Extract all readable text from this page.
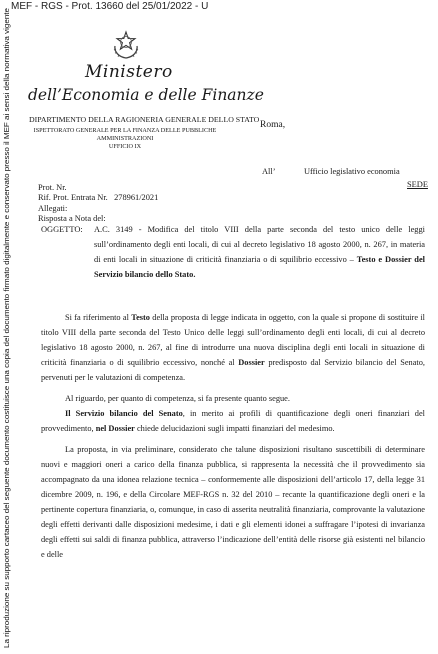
MEF - RGS - Prot. 13660 del 25/01/2022 - U
La riproduzione su supporto cartaceo del seguente documento costituisce una copia del documento firmato digitalmente e conservato presso il MEF ai sensi della normativa vigente
Ministero
dell’Economia e delle Finanze
DIPARTIMENTO DELLA RAGIONERIA GENERALE DELLO STATO
ISPETTORATO GENERALE PER LA FINANZA DELLE PUBBLICHE
AMMINISTRAZIONI
UFFICIO IX
Roma,
All’	Ufficio legislativo economia
SEDE
Prot. Nr.
Rif. Prot. Entrata Nr. 278961/2021
Allegati:
Risposta a Nota del:
OGGETTO:	A.C. 3149 - Modifica del titolo VIII della parte seconda del testo unico delle leggi sull’ordinamento degli enti locali, di cui al decreto legislativo 18 agosto 2000, n. 267, in materia di enti locali in situazione di criticità finanziaria o di squilibrio eccessivo – Testo e Dossier del Servizio bilancio dello Stato.

Si fa riferimento al Testo della proposta di legge indicata in oggetto, con la quale si propone di sostituire il titolo VIII della parte seconda del Testo Unico delle leggi sull’ordinamento degli enti locali, di cui al decreto legislativo 18 agosto 2000, n. 267, al fine di introdurre una nuova disciplina degli enti locali in situazione di criticità finanziaria o di squilibrio eccessivo, nonché al Dossier predisposto dal Servizio bilancio del Senato, pervenuti per le valutazioni di competenza.

Al riguardo, per quanto di competenza, si fa presente quanto segue.

Il Servizio bilancio del Senato, in merito ai profili di quantificazione degli oneri finanziari del provvedimento, nel Dossier chiede delucidazioni sugli impatti finanziari del medesimo.

La proposta, in via preliminare, considerato che talune disposizioni risultano suscettibili di determinare nuovi e maggiori oneri a carico della finanza pubblica, si rappresenta la necessità che il provvedimento sia accompagnato da una idonea relazione tecnica – conformemente alle disposizioni dell’articolo 17, della legge 31 dicembre 2009, n. 196, e della Circolare MEF-RGS n. 32 del 2010 – recante la quantificazione degli oneri e la pertinente copertura finanziaria, o, comunque, in caso di asserita neutralità finanziaria, comprovante la valutazione degli effetti derivanti dalle disposizioni medesime, i dati e gli elementi idonei a suffragare l’ipotesi di invarianza degli effetti sui saldi di finanza pubblica, attraverso l’indicazione dell’entità delle risorse già esistenti nel bilancio e delle
